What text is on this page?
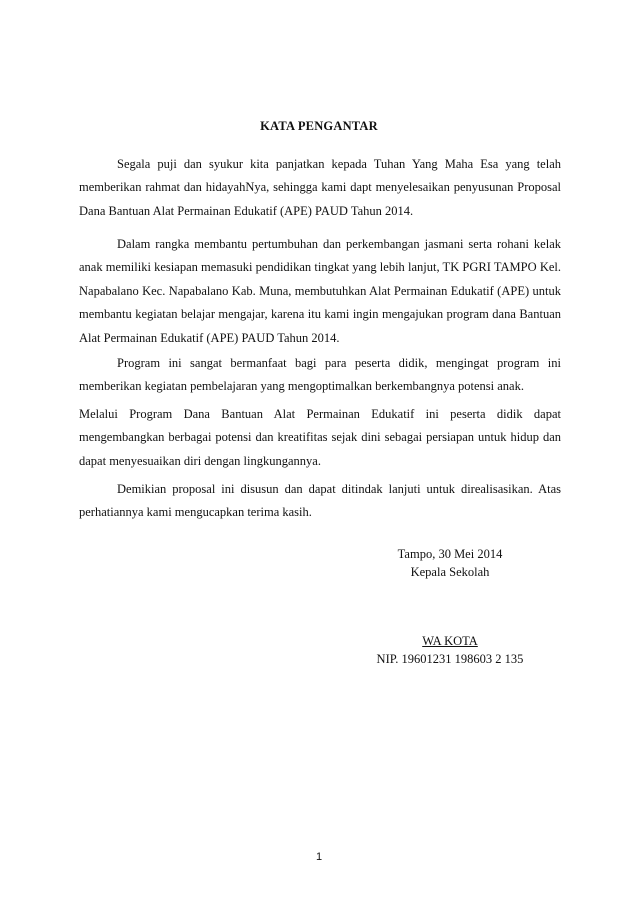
KATA PENGANTAR

Segala puji dan syukur kita panjatkan kepada Tuhan Yang Maha Esa yang telah memberikan rahmat dan hidayahNya, sehingga kami dapt menyelesaikan penyusunan Proposal Dana Bantuan Alat Permainan Edukatif (APE) PAUD Tahun 2014.

Dalam rangka membantu pertumbuhan dan perkembangan jasmani serta rohani kelak anak memiliki kesiapan memasuki pendidikan tingkat yang lebih lanjut, TK PGRI TAMPO Kel. Napabalano Kec. Napabalano Kab. Muna, membutuhkan Alat Permainan Edukatif (APE) untuk membantu kegiatan belajar mengajar, karena itu kami ingin mengajukan program dana Bantuan Alat Permainan Edukatif (APE) PAUD Tahun 2014.

Program ini sangat bermanfaat bagi para peserta didik, mengingat program ini memberikan kegiatan pembelajaran yang mengoptimalkan berkembangnya potensi anak.

Melalui Program Dana Bantuan Alat Permainan Edukatif ini peserta didik dapat mengembangkan berbagai potensi dan kreatifitas sejak dini sebagai persiapan untuk hidup dan dapat menyesuaikan diri dengan lingkungannya.

Demikian proposal ini disusun dan dapat ditindak lanjuti untuk direalisasikan. Atas perhatiannya kami mengucapkan terima kasih.

Tampo, 30 Mei 2014
Kepala Sekolah
WA KOTA
NIP. 19601231 198603 2 135
1
